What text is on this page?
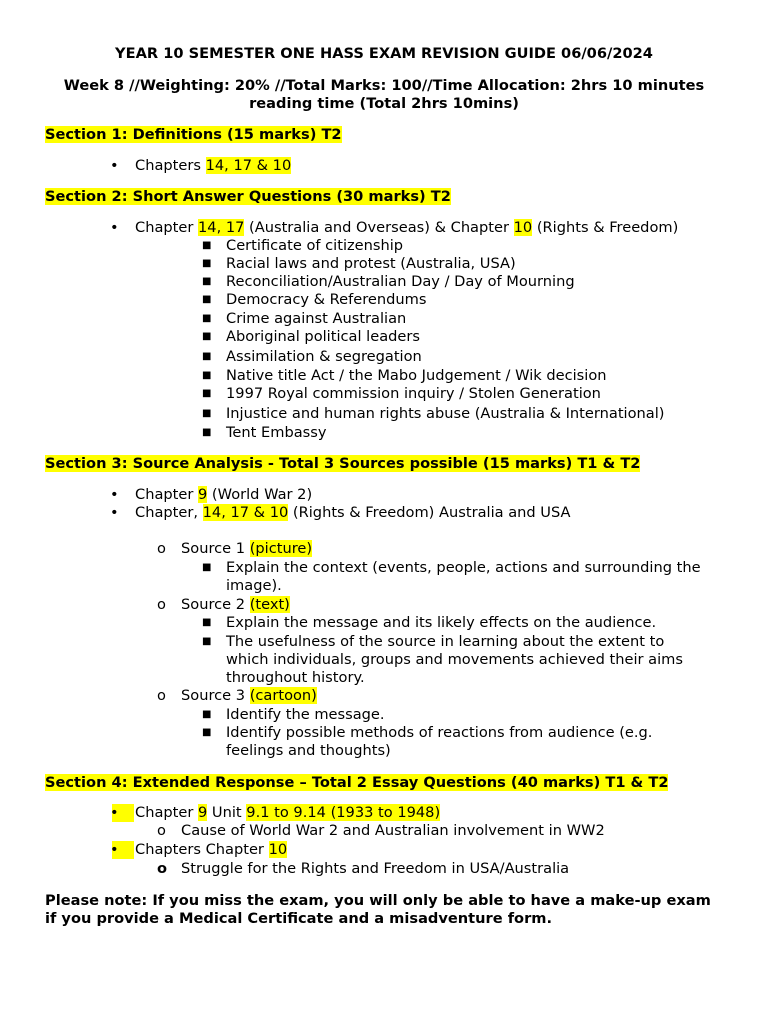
YEAR 10 SEMESTER ONE HASS EXAM REVISION GUIDE 06/06/2024
Week 8 //Weighting: 20% //Total Marks: 100//Time Allocation: 2hrs 10 minutes
reading time (Total 2hrs 10mins)
Section 1: Definitions (15 marks) T2
• Chapters 14, 17 & 10
Section 2: Short Answer Questions (30 marks) T2
• Chapter 14, 17 (Australia and Overseas) & Chapter 10 (Rights & Freedom)
■ Certificate of citizenship
■ Racial laws and protest (Australia, USA)
■ Reconciliation/Australian Day / Day of Mourning
■ Democracy & Referendums
■ Crime against Australian
■ Aboriginal political leaders
■ Assimilation & segregation
■ Native title Act / the Mabo Judgement / Wik decision
■ 1997 Royal commission inquiry / Stolen Generation
■ Injustice and human rights abuse (Australia & International)
■ Tent Embassy
Section 3: Source Analysis - Total 3 Sources possible (15 marks) T1 & T2
• Chapter 9 (World War 2)
• Chapter, 14, 17 & 10 (Rights & Freedom) Australia and USA
o Source 1 (picture)
■ Explain the context (events, people, actions and surrounding the image).
o Source 2 (text)
■ Explain the message and its likely effects on the audience.
■ The usefulness of the source in learning about the extent to which individuals, groups and movements achieved their aims throughout history.
o Source 3 (cartoon)
■ Identify the message.
■ Identify possible methods of reactions from audience (e.g. feelings and thoughts)
Section 4: Extended Response – Total 2 Essay Questions (40 marks) T1 & T2
• Chapter 9 Unit 9.1 to 9.14 (1933 to 1948)
o Cause of World War 2 and Australian involvement in WW2
• Chapters Chapter 10
o Struggle for the Rights and Freedom in USA/Australia
Please note: If you miss the exam, you will only be able to have a make-up exam if you provide a Medical Certificate and a misadventure form.
